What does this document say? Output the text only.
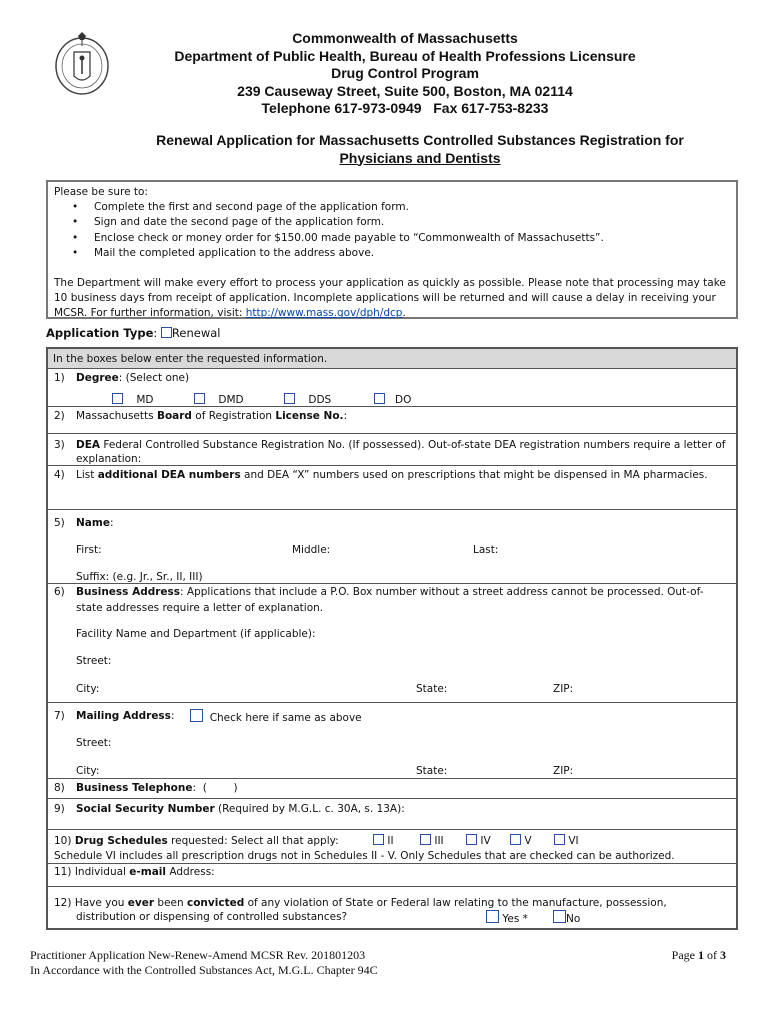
Commonwealth of Massachusetts
Department of Public Health, Bureau of Health Professions Licensure
Drug Control Program
239 Causeway Street, Suite 500, Boston, MA 02114
Telephone 617-973-0949   Fax 617-753-8233
Renewal Application for Massachusetts Controlled Substances Registration for
Physicians and Dentists
Please be sure to:
• Complete the first and second page of the application form.
• Sign and date the second page of the application form.
• Enclose check or money order for $150.00 made payable to “Commonwealth of Massachusetts”.
• Mail the completed application to the address above.
The Department will make every effort to process your application as quickly as possible. Please note that processing may take
10 business days from receipt of application. Incomplete applications will be returned and will cause a delay in receiving your
MCSR. For further information, visit: http://www.mass.gov/dph/dcp.
Application Type: Renewal
In the boxes below enter the requested information.
1) Degree: (Select one)
MD	DMD	DDS	DO
2) Massachusetts Board of Registration License No.:
3) DEA Federal Controlled Substance Registration No. (If possessed). Out-of-state DEA registration numbers require a letter of
explanation:
4) List additional DEA numbers and DEA “X” numbers used on prescriptions that might be dispensed in MA pharmacies.
5) Name:
First:	Middle:	Last:
Suffix: (e.g. Jr., Sr., II, III)
6) Business Address: Applications that include a P.O. Box number without a street address cannot be processed. Out-of-
state addresses require a letter of explanation.
Facility Name and Department (if applicable):
Street:
City:	State:	ZIP:
7) Mailing Address:	Check here if same as above
Street:
City:	State:	ZIP:
8) Business Telephone:  (        )
9) Social Security Number (Required by M.G.L. c. 30A, s. 13A):
10) Drug Schedules requested: Select all that apply:	II	III	IV	V	VI
Schedule VI includes all prescription drugs not in Schedules II - V. Only Schedules that are checked can be authorized.
11) Individual e-mail Address:
12) Have you ever been convicted of any violation of State or Federal law relating to the manufacture, possession,
distribution or dispensing of controlled substances?	Yes *	No
Practitioner Application New-Renew-Amend MCSR Rev. 201801203
In Accordance with the Controlled Substances Act, M.G.L. Chapter 94C
Page 1 of 3
